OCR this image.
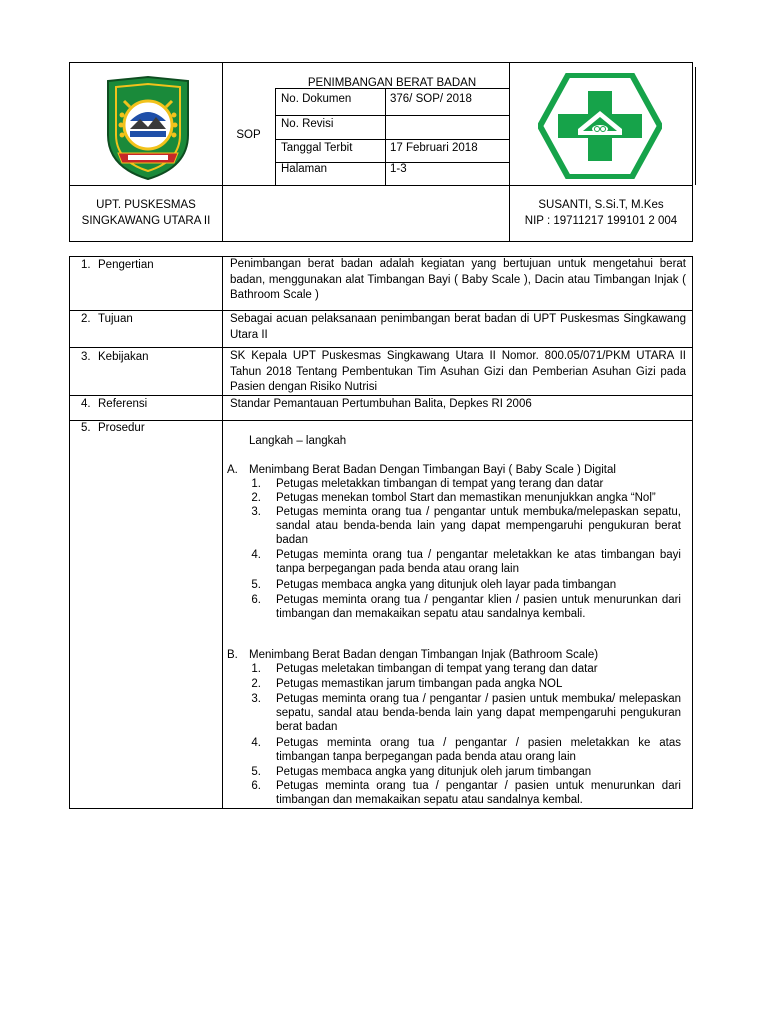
PENIMBANGAN BERAT BADAN
SOP
No. Dokumen	376/ SOP/ 2018
No. Revisi
Tanggal Terbit	17 Februari 2018
Halaman	1-3
UPT. PUSKESMAS
SINGKAWANG UTARA II
SUSANTI, S.Si.T, M.Kes
NIP : 19711217 199101 2 004
1. Pengertian	Penimbangan berat badan adalah kegiatan yang bertujuan untuk mengetahui berat badan, menggunakan alat Timbangan Bayi ( Baby Scale ), Dacin atau Timbangan Injak ( Bathroom Scale )
2. Tujuan	Sebagai acuan pelaksanaan penimbangan berat badan di UPT Puskesmas Singkawang Utara II
3. Kebijakan	SK Kepala UPT Puskesmas Singkawang Utara II Nomor. 800.05/071/PKM UTARA II Tahun 2018 Tentang Pembentukan Tim Asuhan Gizi dan Pemberian Asuhan Gizi pada Pasien dengan Risiko Nutrisi
4. Referensi	Standar Pemantauan Pertumbuhan Balita, Depkes RI 2006
5. Prosedur
Langkah – langkah
A. Menimbang Berat Badan Dengan Timbangan Bayi ( Baby Scale ) Digital
1. Petugas meletakkan timbangan di tempat yang terang dan datar
2. Petugas menekan tombol Start dan memastikan menunjukkan angka “Nol”
3. Petugas meminta orang tua / pengantar untuk membuka/melepaskan sepatu, sandal atau benda-benda lain yang dapat mempengaruhi pengukuran berat badan
4. Petugas meminta orang tua / pengantar meletakkan ke atas timbangan bayi tanpa berpegangan pada benda atau orang lain
5. Petugas membaca angka yang ditunjuk oleh layar pada timbangan
6. Petugas meminta orang tua / pengantar klien / pasien untuk menurunkan dari timbangan dan memakaikan sepatu atau sandalnya kembali.
B. Menimbang Berat Badan dengan Timbangan Injak (Bathroom Scale)
1. Petugas meletakan timbangan di tempat yang terang dan datar
2. Petugas memastikan jarum timbangan pada angka NOL
3. Petugas meminta orang tua / pengantar / pasien untuk membuka/ melepaskan sepatu, sandal atau benda-benda lain yang dapat mempengaruhi pengukuran berat badan
4. Petugas meminta orang tua / pengantar / pasien meletakkan ke atas timbangan tanpa berpegangan pada benda atau orang lain
5. Petugas membaca angka yang ditunjuk oleh jarum timbangan
6. Petugas meminta orang tua / pengantar / pasien untuk menurunkan dari timbangan dan memakaikan sepatu atau sandalnya kembal.
